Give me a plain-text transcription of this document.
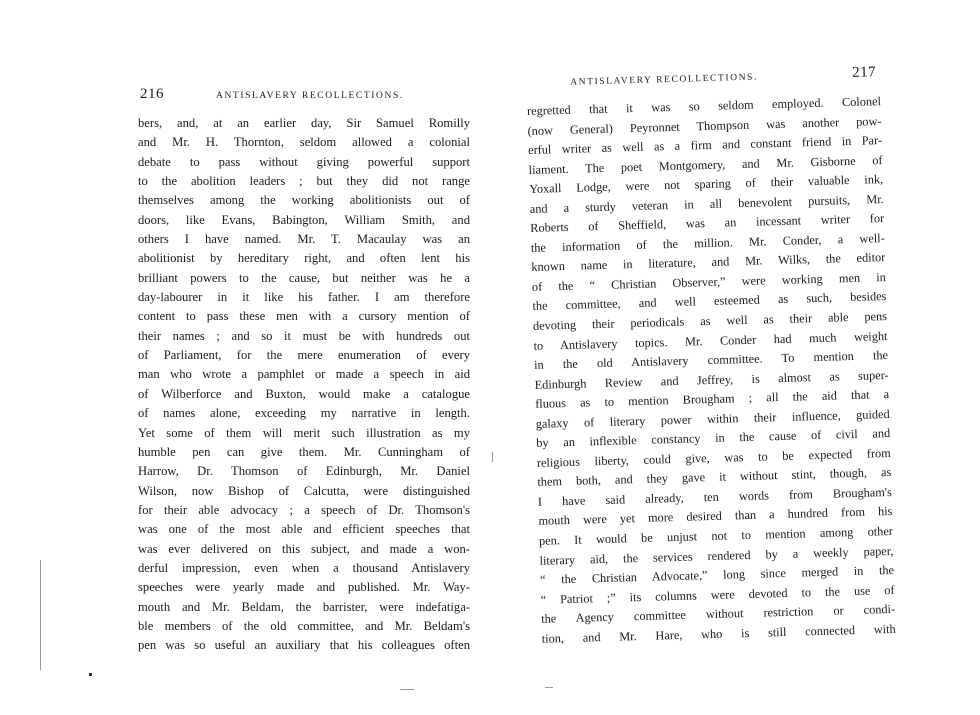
216	ANTISLAVERY RECOLLECTIONS.
bers, and, at an earlier day, Sir Samuel Romilly
and Mr. H. Thornton, seldom allowed a colonial
debate to pass without giving powerful support
to the abolition leaders ; but they did not range
themselves among the working abolitionists out of
doors, like Evans, Babington, William Smith, and
others I have named. Mr. T. Macaulay was an
abolitionist by hereditary right, and often lent his
brilliant powers to the cause, but neither was he a
day-labourer in it like his father. I am therefore
content to pass these men with a cursory mention of
their names ; and so it must be with hundreds out
of Parliament, for the mere enumeration of every
man who wrote a pamphlet or made a speech in aid
of Wilberforce and Buxton, would make a catalogue
of names alone, exceeding my narrative in length.
Yet some of them will merit such illustration as my
humble pen can give them. Mr. Cunningham of
Harrow, Dr. Thomson of Edinburgh, Mr. Daniel
Wilson, now Bishop of Calcutta, were distinguished
for their able advocacy ; a speech of Dr. Thomson's
was one of the most able and efficient speeches that
was ever delivered on this subject, and made a won-
derful impression, even when a thousand Antislavery
speeches were yearly made and published. Mr. Way-
mouth and Mr. Beldam, the barrister, were indefatiga-
ble members of the old committee, and Mr. Beldam's
pen was so useful an auxiliary that his colleagues often
ANTISLAVERY RECOLLECTIONS.	217
regretted that it was so seldom employed. Colonel
(now General) Peyronnet Thompson was another pow-
erful writer as well as a firm and constant friend in Par-
liament. The poet Montgomery, and Mr. Gisborne of
Yoxall Lodge, were not sparing of their valuable ink,
and a sturdy veteran in all benevolent pursuits, Mr.
Roberts of Sheffield, was an incessant writer for
the information of the million. Mr. Conder, a well-
known name in literature, and Mr. Wilks, the editor
of the “ Christian Observer,” were working men in
the committee, and well esteemed as such, besides
devoting their periodicals as well as their able pens
to Antislavery topics. Mr. Conder had much weight
in the old Antislavery committee. To mention the
Edinburgh Review and Jeffrey, is almost as super-
fluous as to mention Brougham ; all the aid that a
galaxy of literary power within their influence, guided
by an inflexible constancy in the cause of civil and
religious liberty, could give, was to be expected from
them both, and they gave it without stint, though, as
I have said already, ten words from Brougham's
mouth were yet more desired than a hundred from his
pen. It would be unjust not to mention among other
literary aid, the services rendered by a weekly paper,
“ the Christian Advocate,” long since merged in the
“ Patriot ;” its columns were devoted to the use of
the Agency committee without restriction or condi-
tion, and Mr. Hare, who is still connected with
